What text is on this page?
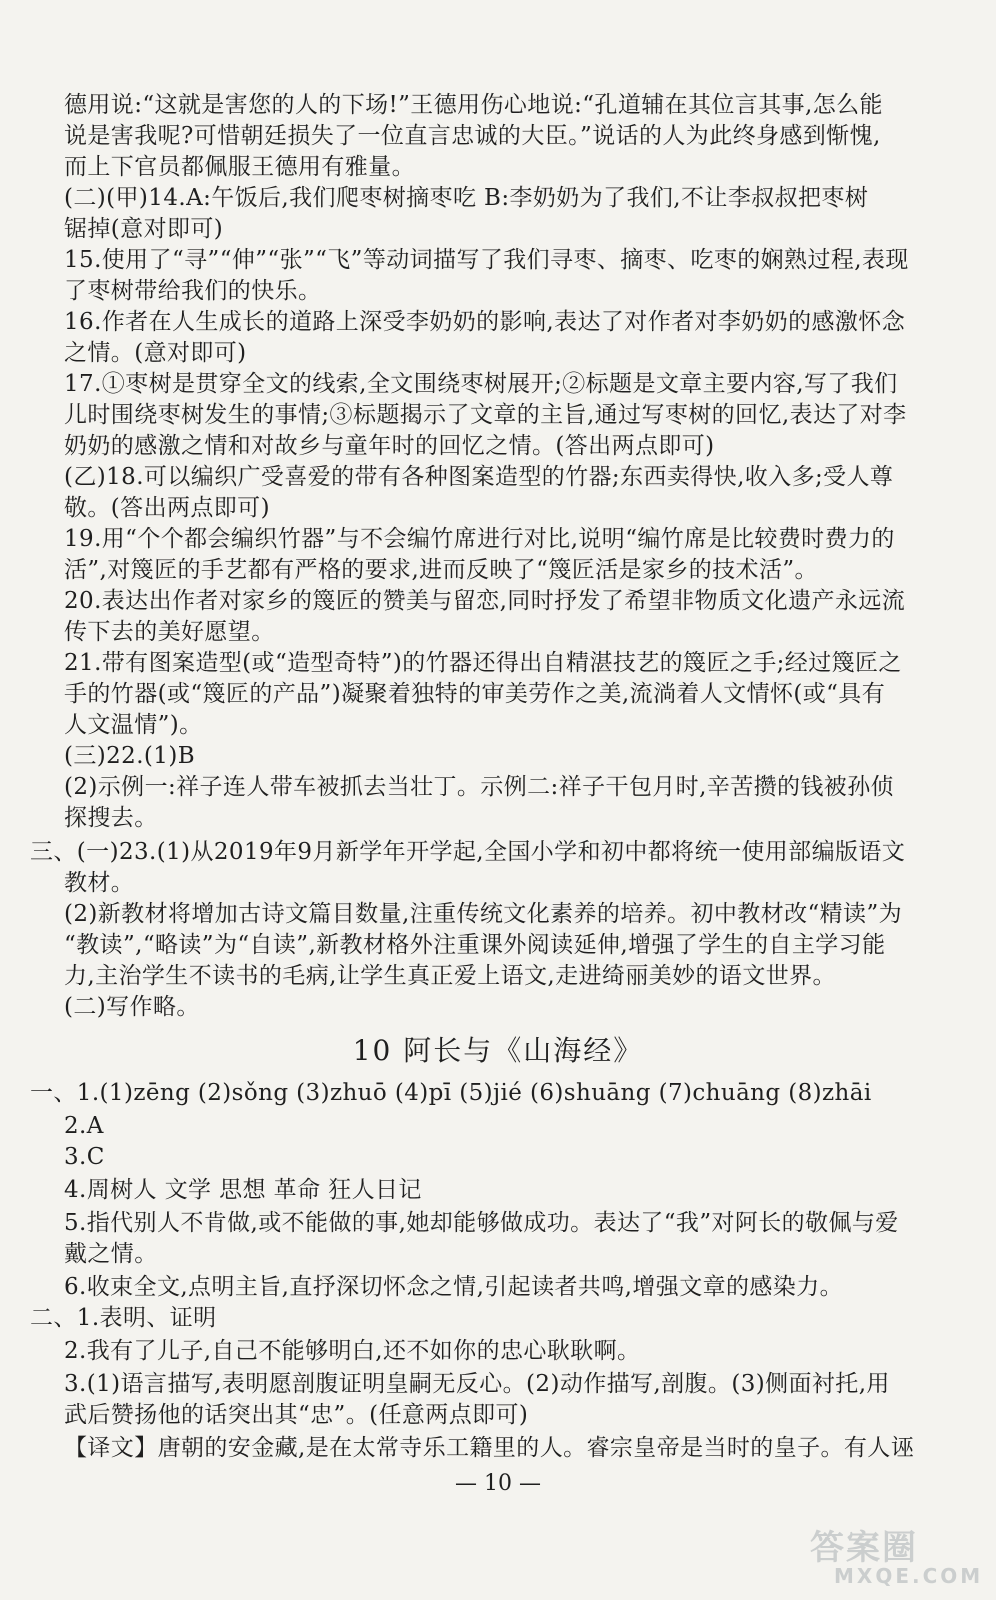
德用说:“这就是害您的人的下场!”王德用伤心地说:“孔道辅在其位言其事,怎么能
说是害我呢?可惜朝廷损失了一位直言忠诚的大臣。”说话的人为此终身感到惭愧,
而上下官员都佩服王德用有雅量。
(二)(甲)14.A:午饭后,我们爬枣树摘枣吃 B:李奶奶为了我们,不让李叔叔把枣树
锯掉(意对即可)
15.使用了“寻”“伸”“张”“飞”等动词描写了我们寻枣、摘枣、吃枣的娴熟过程,表现
了枣树带给我们的快乐。
16.作者在人生成长的道路上深受李奶奶的影响,表达了对作者对李奶奶的感激怀念
之情。(意对即可)
17.①枣树是贯穿全文的线索,全文围绕枣树展开;②标题是文章主要内容,写了我们
儿时围绕枣树发生的事情;③标题揭示了文章的主旨,通过写枣树的回忆,表达了对李
奶奶的感激之情和对故乡与童年时的回忆之情。(答出两点即可)
(乙)18.可以编织广受喜爱的带有各种图案造型的竹器;东西卖得快,收入多;受人尊
敬。(答出两点即可)
19.用“个个都会编织竹器”与不会编竹席进行对比,说明“编竹席是比较费时费力的
活”,对篾匠的手艺都有严格的要求,进而反映了“篾匠活是家乡的技术活”。
20.表达出作者对家乡的篾匠的赞美与留恋,同时抒发了希望非物质文化遗产永远流
传下去的美好愿望。
21.带有图案造型(或“造型奇特”)的竹器还得出自精湛技艺的篾匠之手;经过篾匠之
手的竹器(或“篾匠的产品”)凝聚着独特的审美劳作之美,流淌着人文情怀(或“具有
人文温情”)。
(三)22.(1)B
(2)示例一:祥子连人带车被抓去当壮丁。示例二:祥子干包月时,辛苦攒的钱被孙侦
探搜去。
三、(一)23.(1)从2019年9月新学年开学起,全国小学和初中都将统一使用部编版语文
教材。
(2)新教材将增加古诗文篇目数量,注重传统文化素养的培养。初中教材改“精读”为
“教读”,“略读”为“自读”,新教材格外注重课外阅读延伸,增强了学生的自主学习能
力,主治学生不读书的毛病,让学生真正爱上语文,走进绮丽美妙的语文世界。
(二)写作略。
10 阿长与《山海经》
一、1.(1)zēng (2)sǒng (3)zhuō (4)pī (5)jié (6)shuāng (7)chuāng (8)zhāi
2.A
3.C
4.周树人 文学 思想 革命 狂人日记
5.指代别人不肯做,或不能做的事,她却能够做成功。表达了“我”对阿长的敬佩与爱
戴之情。
6.收束全文,点明主旨,直抒深切怀念之情,引起读者共鸣,增强文章的感染力。
二、1.表明、证明
2.我有了儿子,自己不能够明白,还不如你的忠心耿耿啊。
3.(1)语言描写,表明愿剖腹证明皇嗣无反心。(2)动作描写,剖腹。(3)侧面衬托,用
武后赞扬他的话突出其“忠”。(任意两点即可)
【译文】唐朝的安金藏,是在太常寺乐工籍里的人。睿宗皇帝是当时的皇子。有人诬
— 10 —
答案圈
MXQE.COM
